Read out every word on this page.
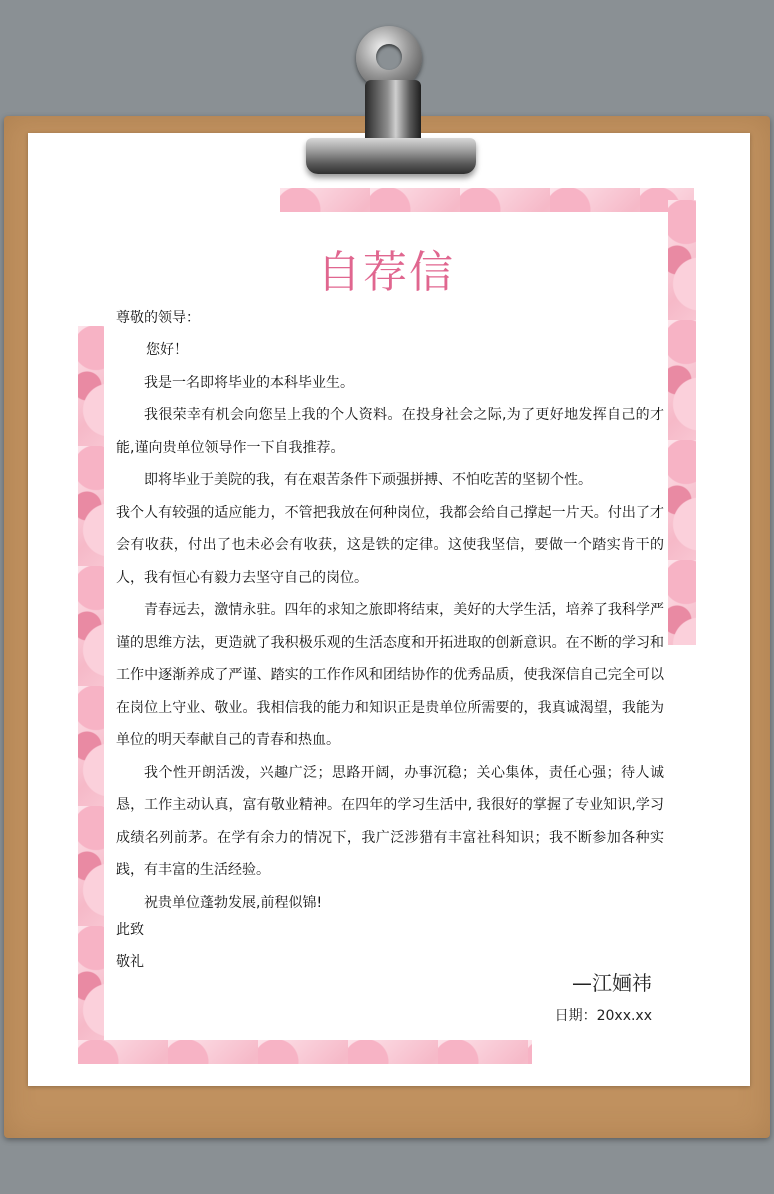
自荐信
尊敬的领导：

您好！

我是一名即将毕业的本科毕业生。

我很荣幸有机会向您呈上我的个人资料。在投身社会之际,为了更好地发挥自己的才能,谨向贵单位领导作一下自我推荐。

即将毕业于美院的我，有在艰苦条件下顽强拼搏、不怕吃苦的坚韧个性。

我个人有较强的适应能力，不管把我放在何种岗位，我都会给自己撑起一片天。付出了才会有收获，付出了也未必会有收获，这是铁的定律。这使我坚信，要做一个踏实肯干的人，我有恒心有毅力去坚守自己的岗位。

青春远去，激情永驻。四年的求知之旅即将结束，美好的大学生活，培养了我科学严谨的思维方法，更造就了我积极乐观的生活态度和开拓进取的创新意识。在不断的学习和工作中逐渐养成了严谨、踏实的工作作风和团结协作的优秀品质，使我深信自己完全可以在岗位上守业、敬业。我相信我的能力和知识正是贵单位所需要的，我真诚渴望，我能为单位的明天奉献自己的青春和热血。

我个性开朗活泼，兴趣广泛；思路开阔，办事沉稳；关心集体，责任心强；待人诚恳，工作主动认真，富有敬业精神。在四年的学习生活中, 我很好的掌握了专业知识,学习成绩名列前茅。在学有余力的情况下，我广泛涉猎有丰富社科知识；我不断参加各种实践，有丰富的生活经验。

祝贵单位蓬勃发展,前程似锦!

此致
敬礼
—江婳祎
日期：20xx.xx
